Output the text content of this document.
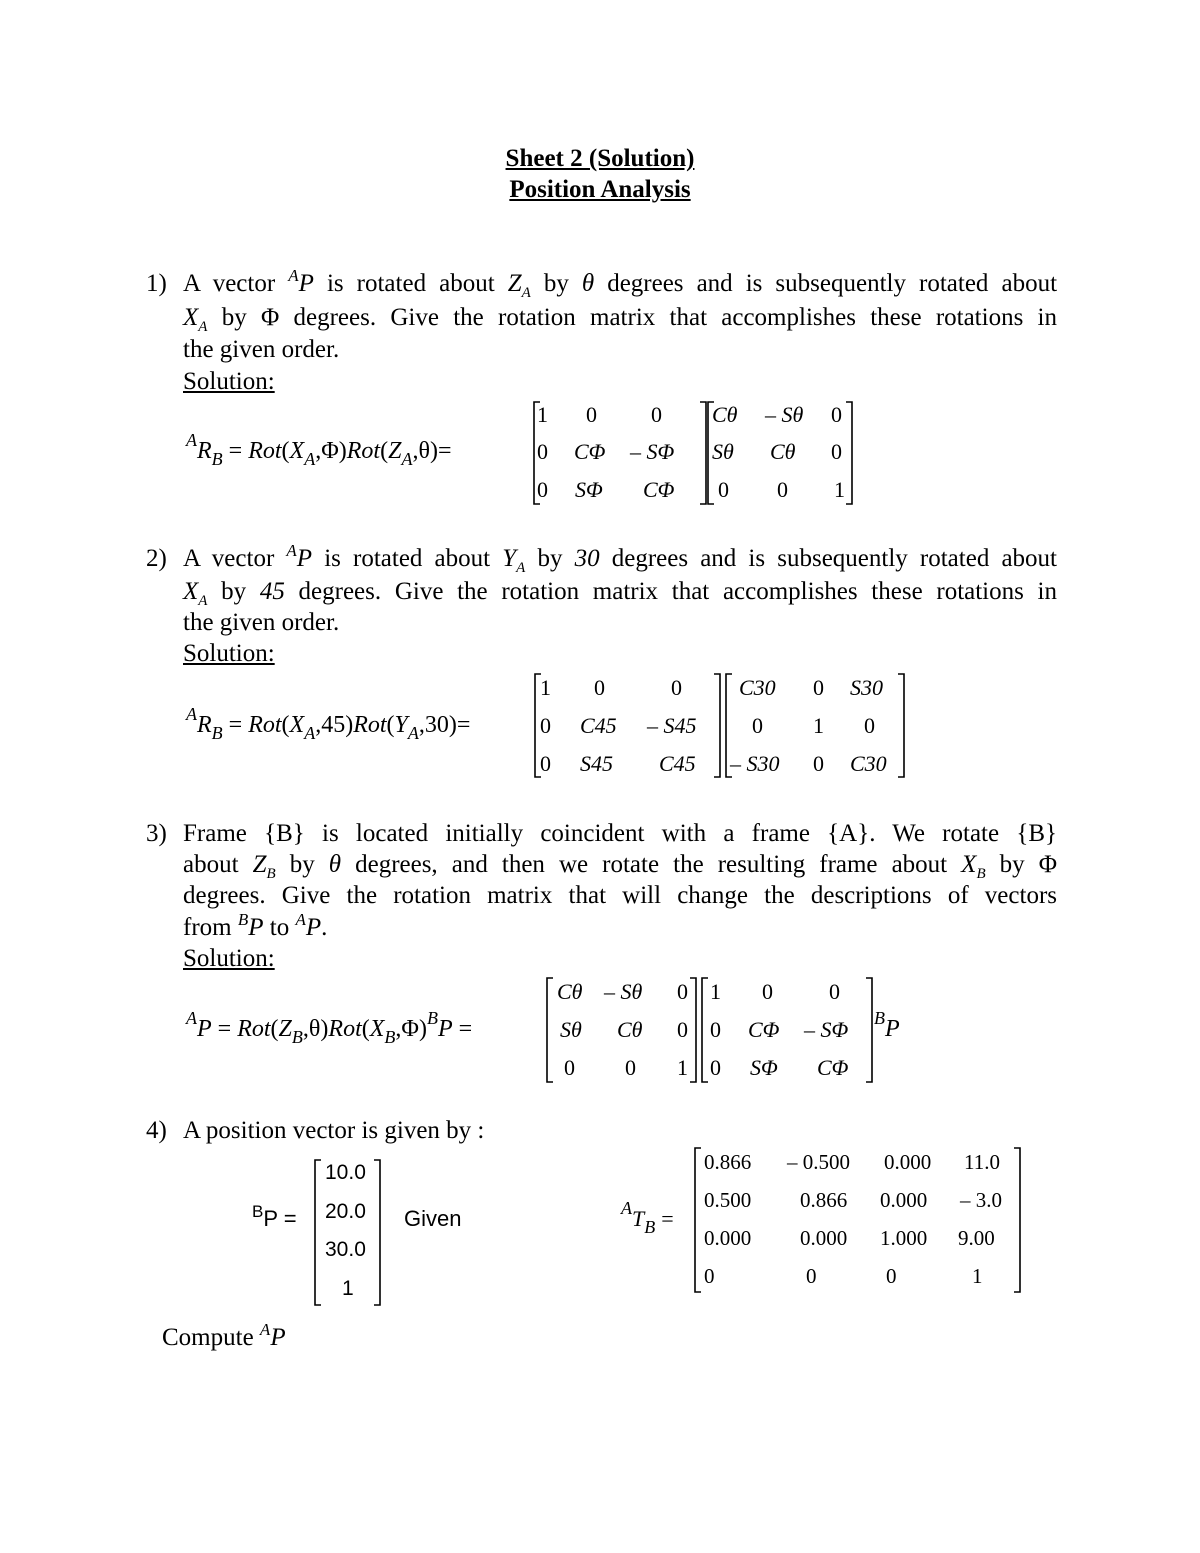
Sheet 2 (Solution)
Position Analysis
1) A vector $^A$P is rotated about $Z_A$ by θ degrees and is subsequently rotated about
$X_A$ by Φ degrees. Give the rotation matrix that accomplishes these rotations in
the given order.
Solution:
$^AR_B = Rot(X_A,\Phi)Rot(Z_A,\theta)=$
1 0 0
0 CΦ – SΦ
0 SΦ CΦ
Cθ – Sθ 0
Sθ Cθ 0
0 0 1
2) A vector $^A$P is rotated about $Y_A$ by 30 degrees and is subsequently rotated about
$X_A$ by 45 degrees. Give the rotation matrix that accomplishes these rotations in
the given order.
Solution:
$^AR_B = Rot(X_A,45)Rot(Y_A,30)=$
1 0	0
0 C45 – S45
0 S45 C45
C30 0 S30
0 1 0
– S30 0 C30
3) Frame {B} is located initially coincident with a frame {A}. We rotate {B}
about $Z_B$ by θ degrees, and then we rotate the resulting frame about $X_B$ by Φ
degrees. Give the rotation matrix that will change the descriptions of vectors
from $^B$P to $^A$P.
Solution:
$^AP = Rot(Z_B,\theta)Rot(X_B,\Phi)^BP$ =
Cθ – Sθ 0
Sθ Cθ 0
0 0 1
1 0	0
0 CΦ – SΦ
0 SΦ CΦ
$^B$P
4) A position vector is given by :
$^B$P =
10.0
20.0
30.0
1
Given	$^AT_B$ =
0.866 – 0.500 0.000 11.0
0.500 0.866 0.000 – 3.0
0.000 0.000 1.000 9.00
0	0	0	1
Compute $^A$P
